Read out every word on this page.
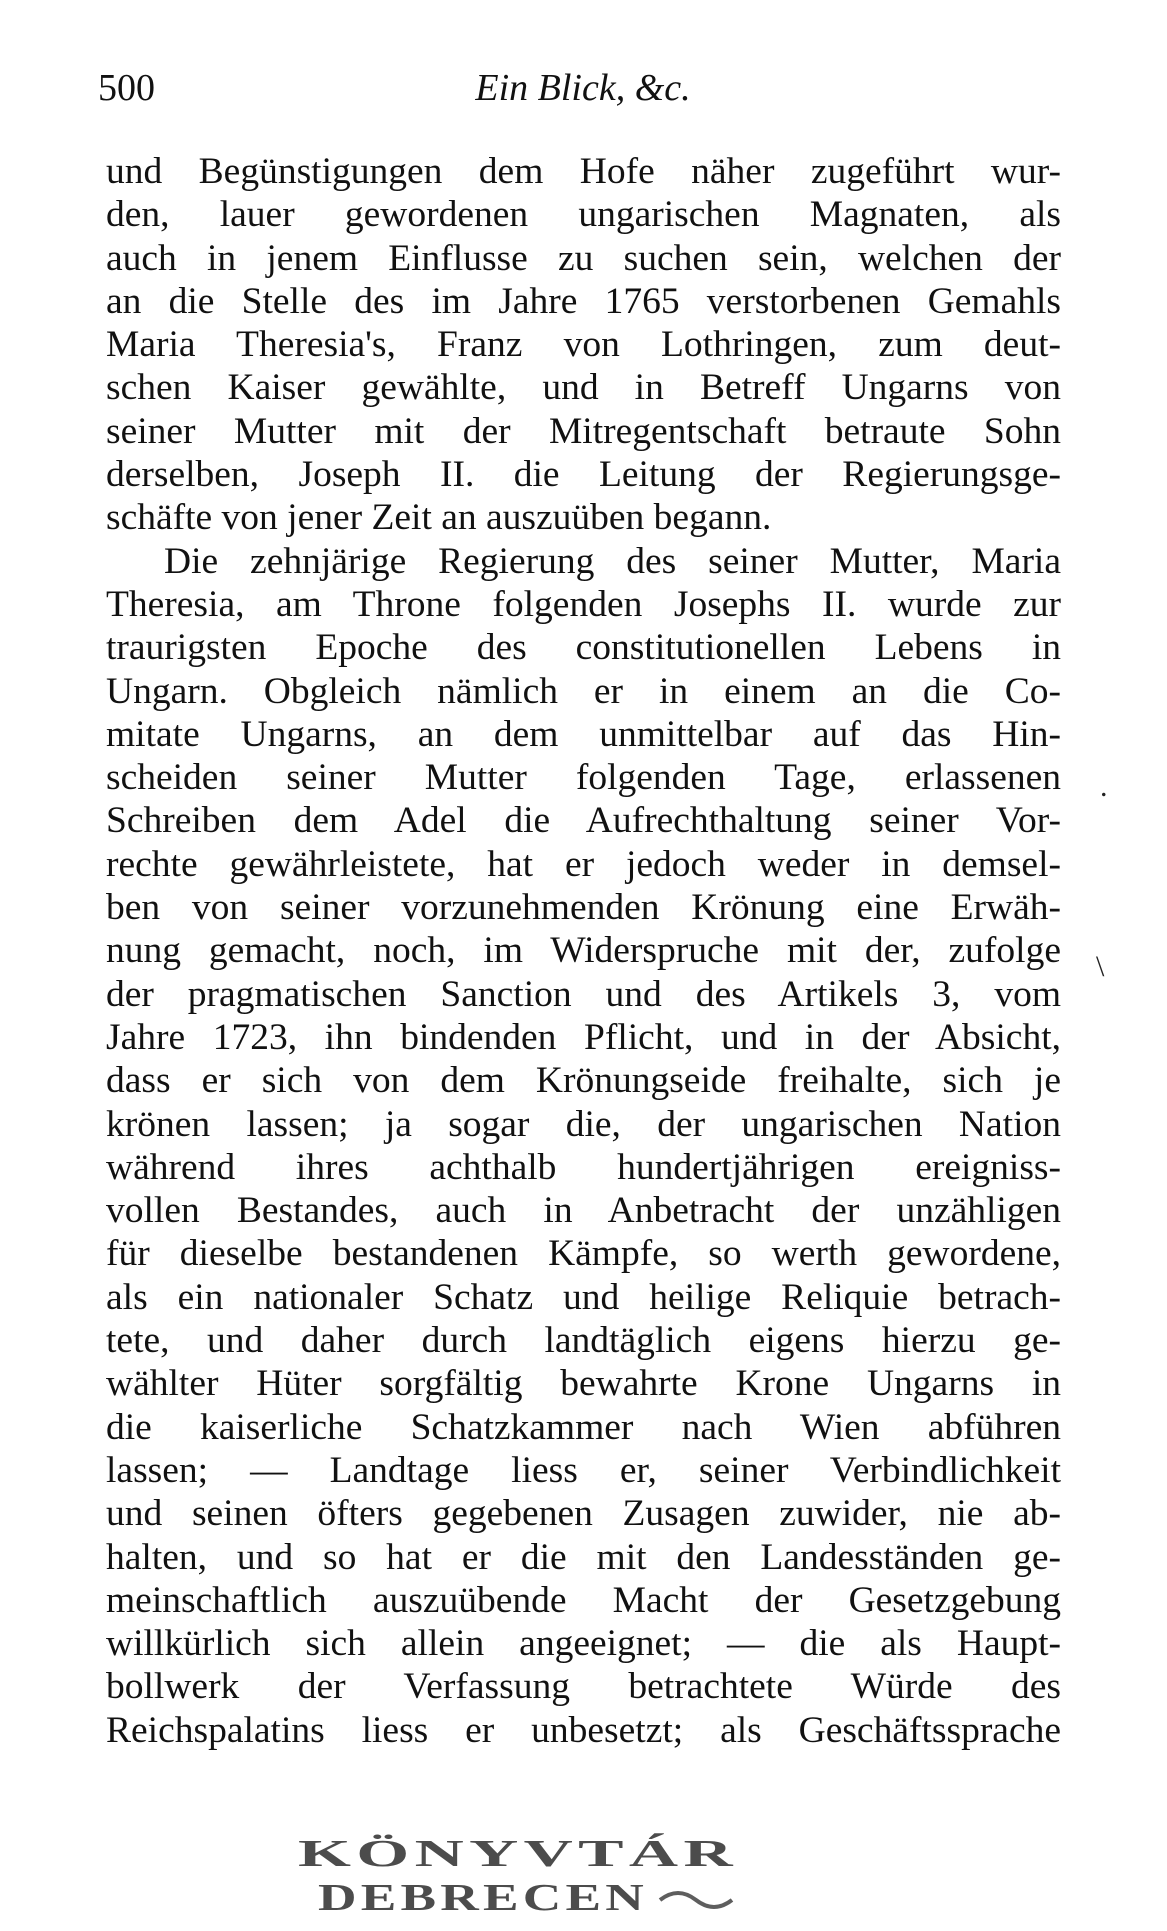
500	Ein Blick, &c.
und Begünstigungen dem Hofe näher zugeführt wur-
den, lauer gewordenen ungarischen Magnaten, als
auch in jenem Einflusse zu suchen sein, welchen der
an die Stelle des im Jahre 1765 verstorbenen Gemahls
Maria Theresia's, Franz von Lothringen, zum deut-
schen Kaiser gewählte, und in Betreff Ungarns von
seiner Mutter mit der Mitregentschaft betraute Sohn
derselben, Joseph II. die Leitung der Regierungsge-
schäfte von jener Zeit an auszuüben begann.
Die zehnjärige Regierung des seiner Mutter, Maria
Theresia, am Throne folgenden Josephs II. wurde zur
traurigsten Epoche des constitutionellen Lebens in
Ungarn. Obgleich nämlich er in einem an die Co-
mitate Ungarns, an dem unmittelbar auf das Hin-
scheiden seiner Mutter folgenden Tage, erlassenen
Schreiben dem Adel die Aufrechthaltung seiner Vor-
rechte gewährleistete, hat er jedoch weder in demsel-
ben von seiner vorzunehmenden Krönung eine Erwäh-
nung gemacht, noch, im Widerspruche mit der, zufolge
der pragmatischen Sanction und des Artikels 3, vom
Jahre 1723, ihn bindenden Pflicht, und in der Absicht,
dass er sich von dem Krönungseide freihalte, sich je
krönen lassen; ja sogar die, der ungarischen Nation
während ihres achthalb hundertjährigen ereigniss-
vollen Bestandes, auch in Anbetracht der unzähligen
für dieselbe bestandenen Kämpfe, so werth gewordene,
als ein nationaler Schatz und heilige Reliquie betrach-
tete, und daher durch landtäglich eigens hierzu ge-
wählter Hüter sorgfältig bewahrte Krone Ungarns in
die kaiserliche Schatzkammer nach Wien abführen
lassen; — Landtage liess er, seiner Verbindlichkeit
und seinen öfters gegebenen Zusagen zuwider, nie ab-
halten, und so hat er die mit den Landesständen ge-
meinschaftlich auszuübende Macht der Gesetzgebung
willkürlich sich allein angeeignet; — die als Haupt-
bollwerk der Verfassung betrachtete Würde des
Reichspalatins liess er unbesetzt; als Geschäftssprache
.
\
KÖNYVTÁR
DEBRECEN
